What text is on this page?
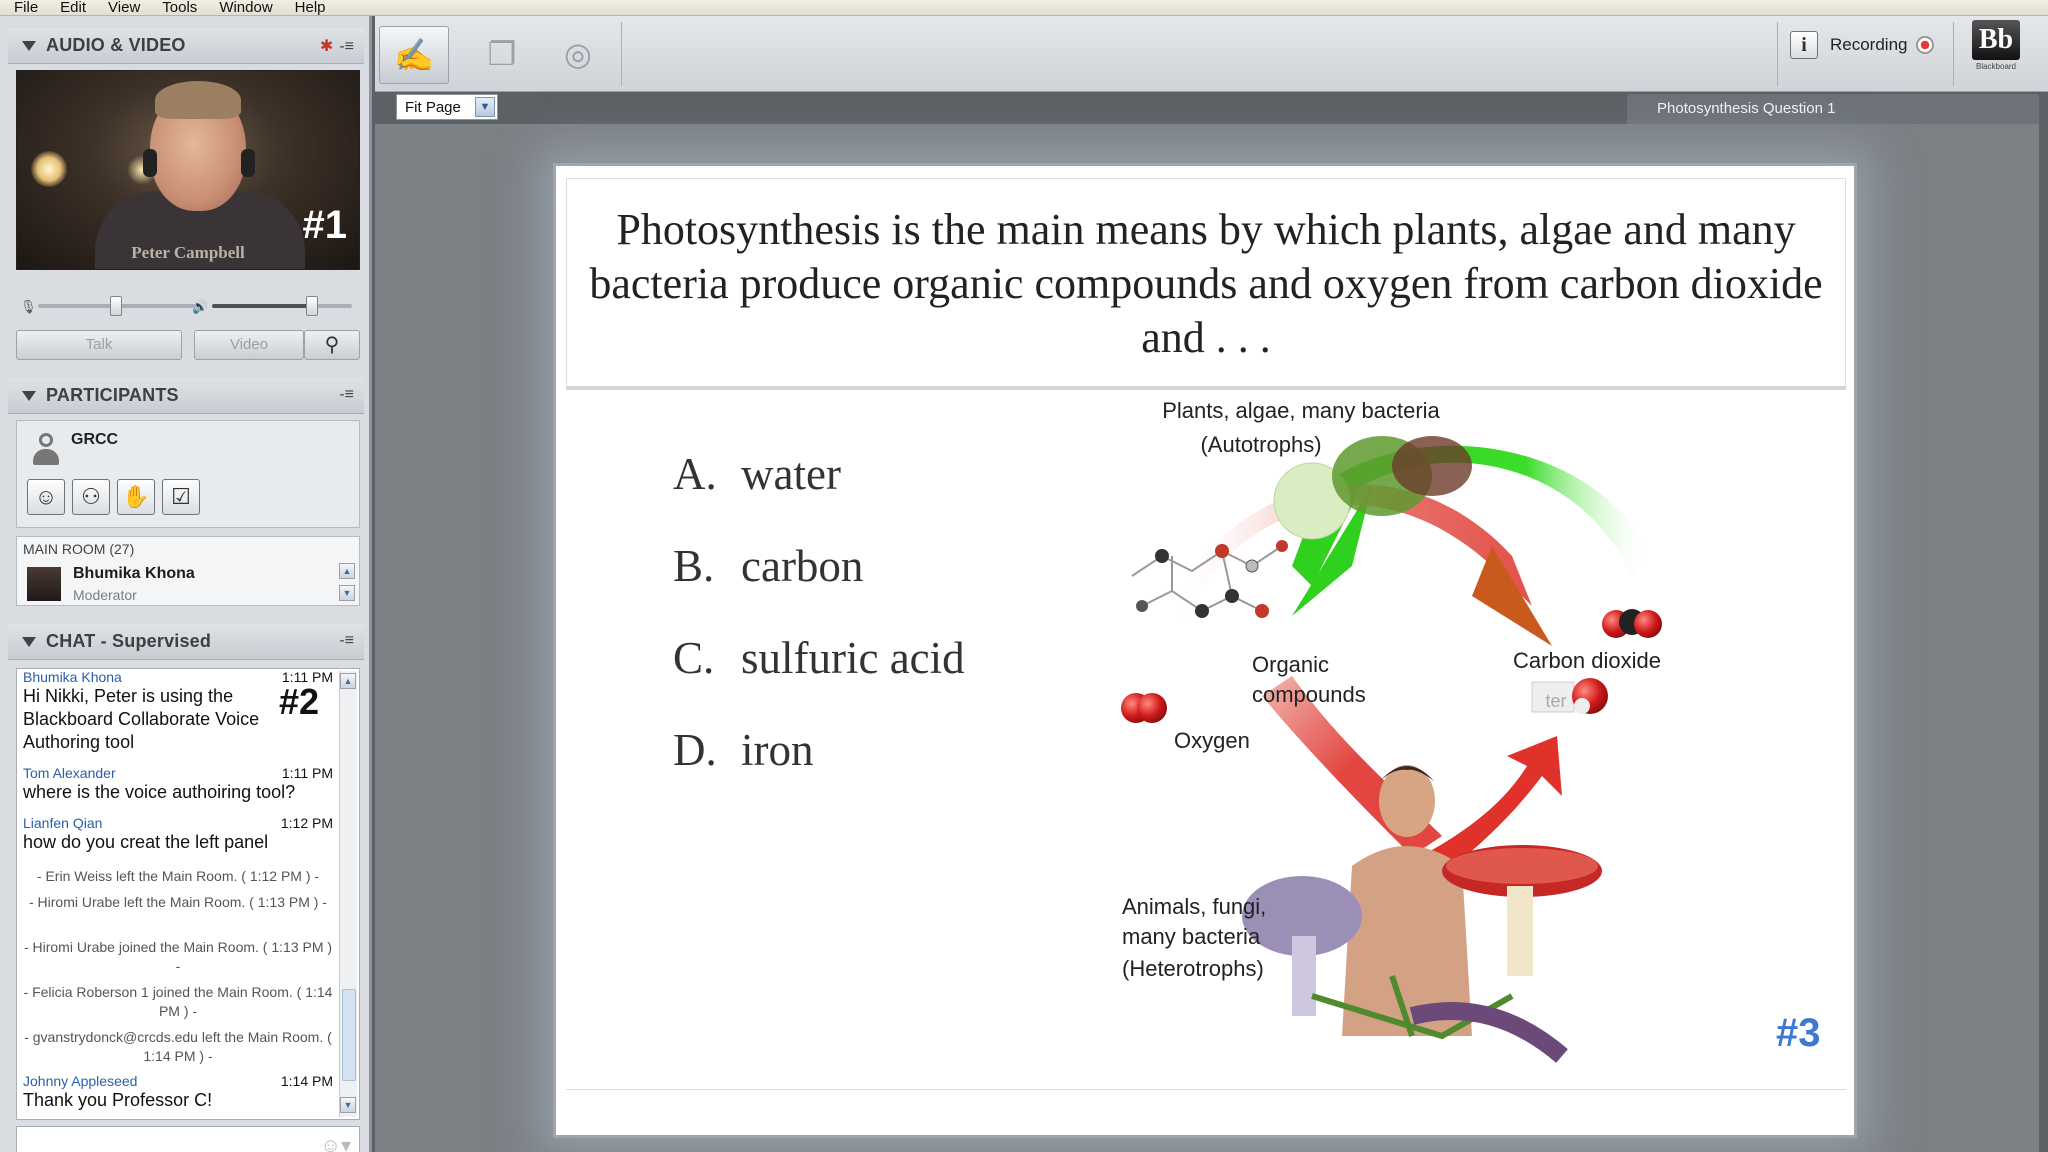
File Edit View Tools Window Help
AUDIO & VIDEO	✱ -≡
Peter Campbell
#1
🎙	🔊
Talk	Video	⚲
PARTICIPANTS	-≡
GRCC
☺	⚇ ✋ ☑
MAIN ROOM (27)
Bhumika Khona
Moderator
▲
▼
CHAT - Supervised	-≡
Bhumika Khona	1:11 PM
Hi Nikki, Peter is using the Blackboard Collaborate Voice Authoring tool
#2
Tom Alexander	1:11 PM
where is the voice authoiring tool?
Lianfen Qian	1:12 PM
how do you creat the left panel
- Erin Weiss left the Main Room. ( 1:12 PM ) -
- Hiromi Urabe left the Main Room. ( 1:13 PM ) -
- Hiromi Urabe joined the Main Room. ( 1:13 PM ) -
- Felicia Roberson 1 joined the Main Room. ( 1:14 PM ) -
- gvanstrydonck@crcds.edu left the Main Room. ( 1:14 PM ) -
Johnny Appleseed	1:14 PM
Thank you Professor C!
▲
▼
☺▾
✍	❐	◎	i	Recording	Bb
Blackboard
Fit Page	▼	Photosynthesis Question 1
Photosynthesis is the main means by which plants, algae and many bacteria produce organic compounds and oxygen from carbon dioxide and . . .
A. water
B. carbon
C. sulfuric acid
D. iron
Plants, algae, many bacteria
(Autotrophs)
Organic
compounds
Carbon dioxide
Oxygen
ter
Animals, fungi,
many bacteria
(Heterotrophs)
#3
